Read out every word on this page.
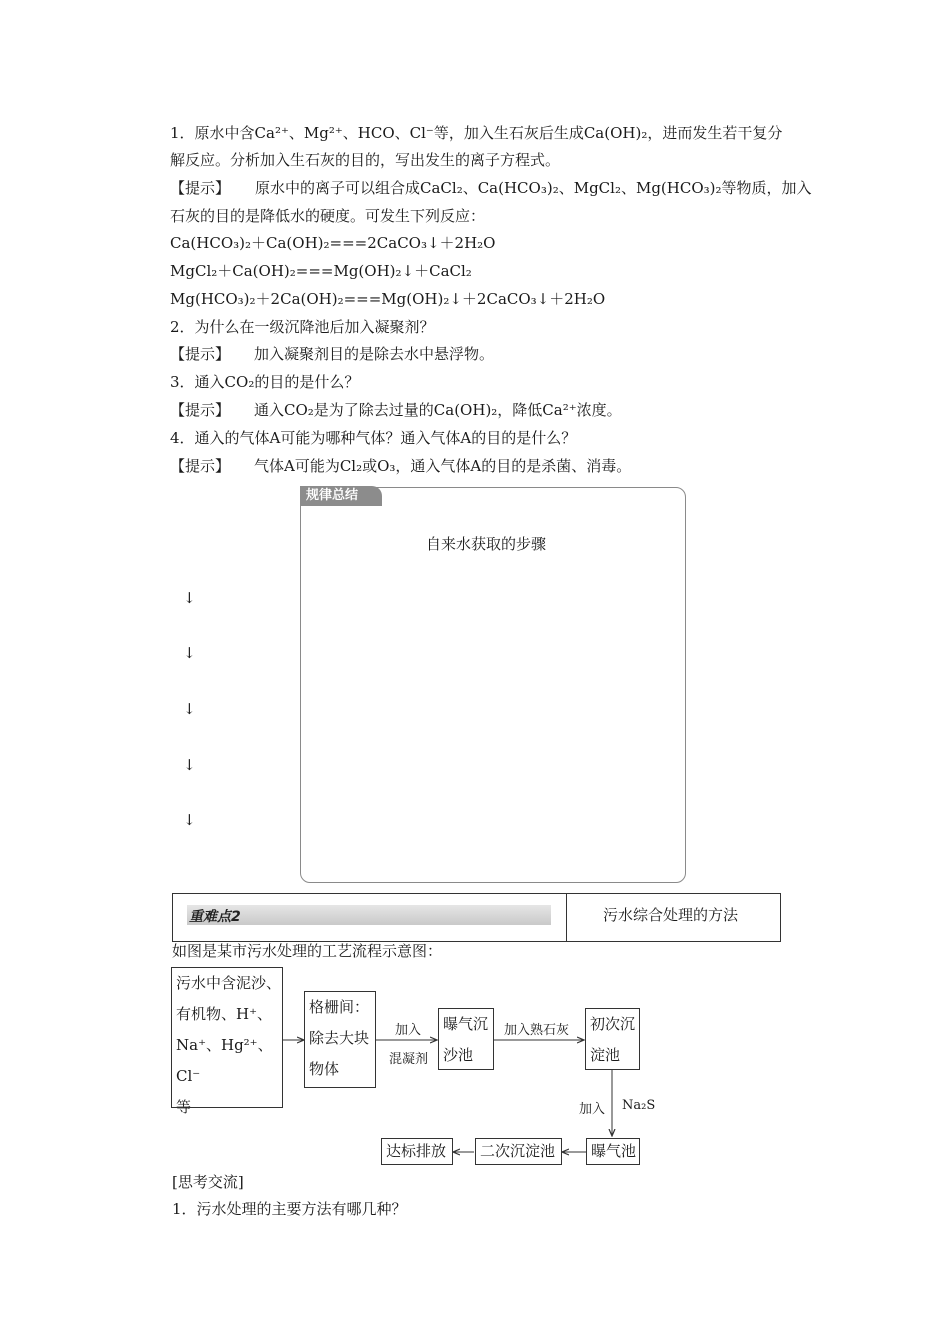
1．原水中含Ca²⁺、Mg²⁺、HCO、Cl⁻等，加入生石灰后生成Ca(OH)₂，进而发生若干复分
解反应。分析加入生石灰的目的，写出发生的离子方程式。
【提示】 原水中的离子可以组合成CaCl₂、Ca(HCO₃)₂、MgCl₂、Mg(HCO₃)₂等物质，加入
石灰的目的是降低水的硬度。可发生下列反应：
Ca(HCO₃)₂＋Ca(OH)₂===2CaCO₃↓＋2H₂O
MgCl₂＋Ca(OH)₂===Mg(OH)₂↓＋CaCl₂
Mg(HCO₃)₂＋2Ca(OH)₂===Mg(OH)₂↓＋2CaCO₃↓＋2H₂O
2．为什么在一级沉降池后加入凝聚剂？
【提示】 加入凝聚剂目的是除去水中悬浮物。
3．通入CO₂的目的是什么？
【提示】 通入CO₂是为了除去过量的Ca(OH)₂，降低Ca²⁺浓度。
4．通入的气体A可能为哪种气体？通入气体A的目的是什么？
【提示】 气体A可能为Cl₂或O₃，通入气体A的目的是杀菌、消毒。
规律总结
自来水获取的步骤
↓
↓
↓
↓
↓
重难点2	污水综合处理的方法
如图是某市污水处理的工艺流程示意图：
污水中含泥沙、
有机物、H⁺、
Na⁺、Hg²⁺、Cl⁻
等
格栅间：
除去大块
物体
加入
混凝剂
曝气沉
沙池
加入熟石灰 初次沉
淀池
加入 Na₂S
曝气池
二次沉淀池
达标排放
[思考交流]
1．污水处理的主要方法有哪几种？
